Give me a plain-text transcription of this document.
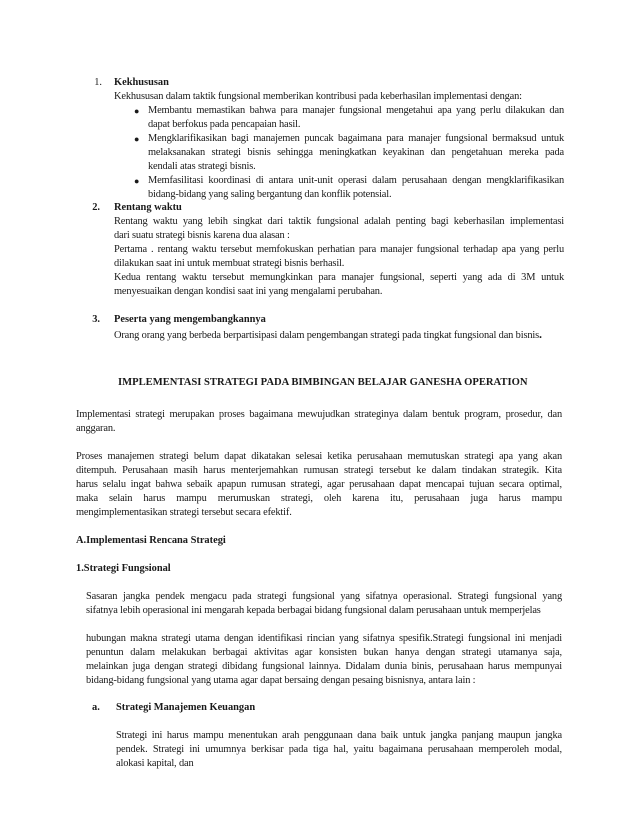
1. Kekhususan
Kekhususan dalam taktik fungsional memberikan kontribusi pada keberhasilan implementasi dengan:
● Membantu memastikan bahwa para manajer fungsional mengetahui apa yang perlu dilakukan dan
dapat berfokus pada pencapaian hasil.
● Mengklarifikasikan bagi manajemen puncak bagaimana para manajer fungsional bermaksud untuk
melaksanakan strategi bisnis sehingga meningkatkan keyakinan dan pengetahuan mereka pada
kendali atas strategi bisnis.
● Memfasilitasi koordinasi di antara unit-unit operasi dalam perusahaan dengan mengklarifikasikan
bidang-bidang yang saling bergantung dan konflik potensial.
2. Rentang waktu
Rentang waktu yang lebih singkat dari taktik fungsional adalah penting bagi keberhasilan implementasi
dari suatu strategi bisnis karena dua alasan :
Pertama . rentang waktu tersebut memfokuskan perhatian para manajer fungsional terhadap apa yang perlu
dilakukan saat ini untuk membuat strategi bisnis berhasil.
Kedua rentang waktu tersebut memungkinkan para manajer fungsional, seperti yang ada di 3M untuk
menyesuaikan dengan kondisi saat ini yang mengalami perubahan.
3. Peserta yang mengembangkannya
Orang orang yang berbeda berpartisipasi dalam pengembangan strategi pada tingkat fungsional dan bisnis.
IMPLEMENTASI STRATEGI PADA BIMBINGAN BELAJAR GANESHA OPERATION
Implementasi strategi merupakan proses bagaimana mewujudkan strateginya dalam bentuk program, prosedur, dan
anggaran.
Proses manajemen strategi belum dapat dikatakan selesai ketika perusahaan memutuskan strategi apa yang akan
ditempuh. Perusahaan masih harus menterjemahkan rumusan strategi tersebut ke dalam tindakan strategik. Kita
harus selalu ingat bahwa sebaik apapun rumusan strategi, agar perusahaan dapat mencapai tujuan secara optimal,
maka selain harus mampu merumuskan strategi, oleh karena itu, perusahaan juga harus mampu
mengimplementasikan strategi tersebut secara efektif.
A.Implementasi Rencana Strategi
1.Strategi Fungsional
Sasaran jangka pendek mengacu pada strategi fungsional yang sifatnya operasional. Strategi fungsional yang
sifatnya lebih operasional ini mengarah kepada berbagai bidang fungsional dalam perusahaan untuk memperjelas
hubungan makna strategi utama dengan identifikasi rincian yang sifatnya spesifik.Strategi fungsional ini menjadi
penuntun dalam melakukan berbagai aktivitas agar konsisten bukan hanya dengan strategi utamanya saja,
melainkan juga dengan strategi dibidang fungsional lainnya. Didalam dunia binis, perusahaan harus mempunyai
bidang-bidang fungsional yang utama agar dapat bersaing dengan pesaing bisnisnya, antara lain :
a. Strategi Manajemen Keuangan
Strategi ini harus mampu menentukan arah penggunaan dana baik untuk jangka panjang maupun jangka
pendek. Strategi ini umumnya berkisar pada tiga hal, yaitu bagaimana perusahaan memperoleh modal,
alokasi kapital, dan
